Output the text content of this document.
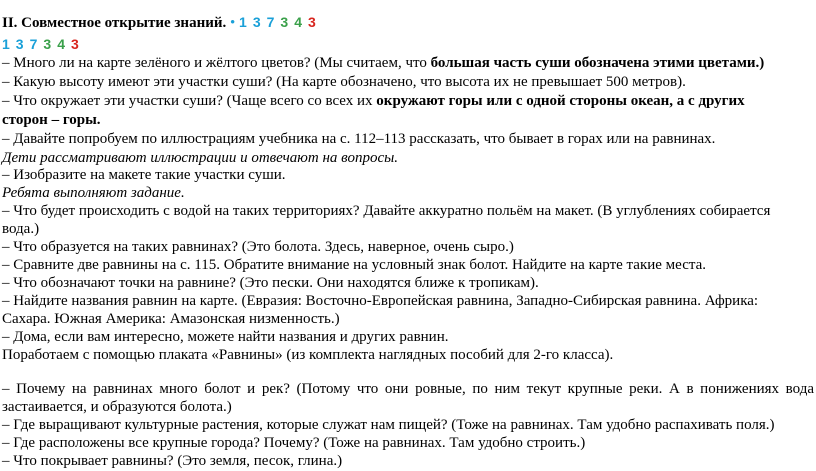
II. Совместное открытие знаний. • 1 3 7 3 4 3
1 3 7 3 4 3
– Много ли на карте зелёного и жёлтого цветов? (Мы считаем, что большая часть суши обозначена этими цветами.)
– Какую высоту имеют эти участки суши? (На карте обозначено, что высота их не превышает 500 метров).
– Что окружает эти участки суши? (Чаще всего со всех их окружают горы или с одной стороны океан, а с других
сторон – горы.
– Давайте попробуем по иллюстрациям учебника на с. 112–113 рассказать, что бывает в горах или на равнинах.
Дети рассматривают иллюстрации и отвечают на вопросы.
– Изобразите на макете такие участки суши.
Ребята выполняют задание.
– Что будет происходить с водой на таких территориях? Давайте аккуратно польём на макет. (В углублениях собирается
вода.)
– Что образуется на таких равнинах? (Это болота. Здесь, наверное, очень сыро.)
– Сравните две равнины на с. 115. Обратите внимание на условный знак болот. Найдите на карте такие места.
– Что обозначают точки на равнине? (Это пески. Они находятся ближе к тропикам).
– Найдите названия равнин на карте. (Евразия: Восточно-Европейская равнина, Западно-Сибирская равнина. Африка:
Сахара. Южная Америка: Амазонская низменность.)
– Дома, если вам интересно, можете найти названия и других равнин.
Поработаем с помощью плаката «Равнины» (из комплекта наглядных пособий для 2-го класса).
– Почему на равнинах много болот и рек? (Потому что они ровные, по ним текут крупные реки. А в понижениях вода
застаивается, и образуются болота.)
– Где выращивают культурные растения, которые служат нам пищей? (Тоже на равнинах. Там удобно распахивать поля.)
– Где расположены все крупные города? Почему? (Тоже на равнинах. Там удобно строить.)
– Что покрывает равнины? (Это земля, песок, глина.)
